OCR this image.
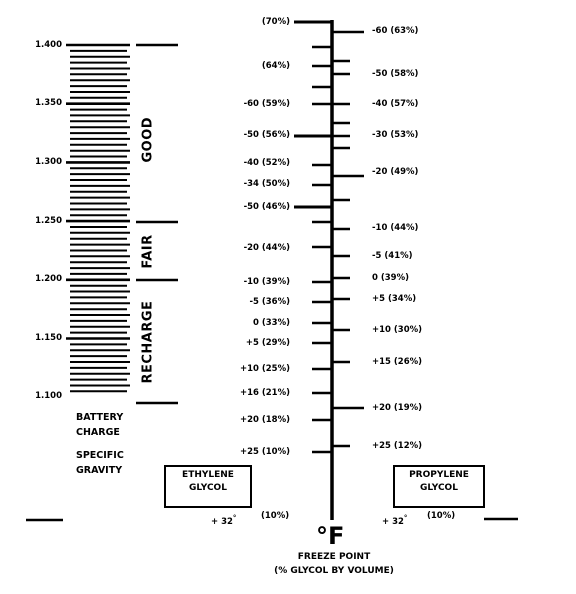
1.400
1.350
1.300
1.250
1.200
1.150
1.100
GOOD
FAIR
RECHARGE
BATTERY
CHARGE
SPECIFIC
GRAVITY
(70%)
(64%)
-60 (59%)
-50 (56%)
-40 (52%)
-34 (50%)
-50 (46%)
-20 (44%)
-10 (39%)
-5 (36%)
0 (33%)
+5 (29%)
+10 (25%)
+16 (21%)
+20 (18%)
+25 (10%)
-60 (63%)
-50 (58%)
-40 (57%)
-30 (53%)
-20 (49%)
-10 (44%)
-5 (41%)
0 (39%)
+5 (34%)
+10 (30%)
+15 (26%)
+20 (19%)
+25 (12%)
ETHYLENE
GLYCOL
PROPYLENE
GLYCOL
+ 32°	(10%)
+ 32° (10%)
°F
FREEZE POINT
(% GLYCOL BY VOLUME)
